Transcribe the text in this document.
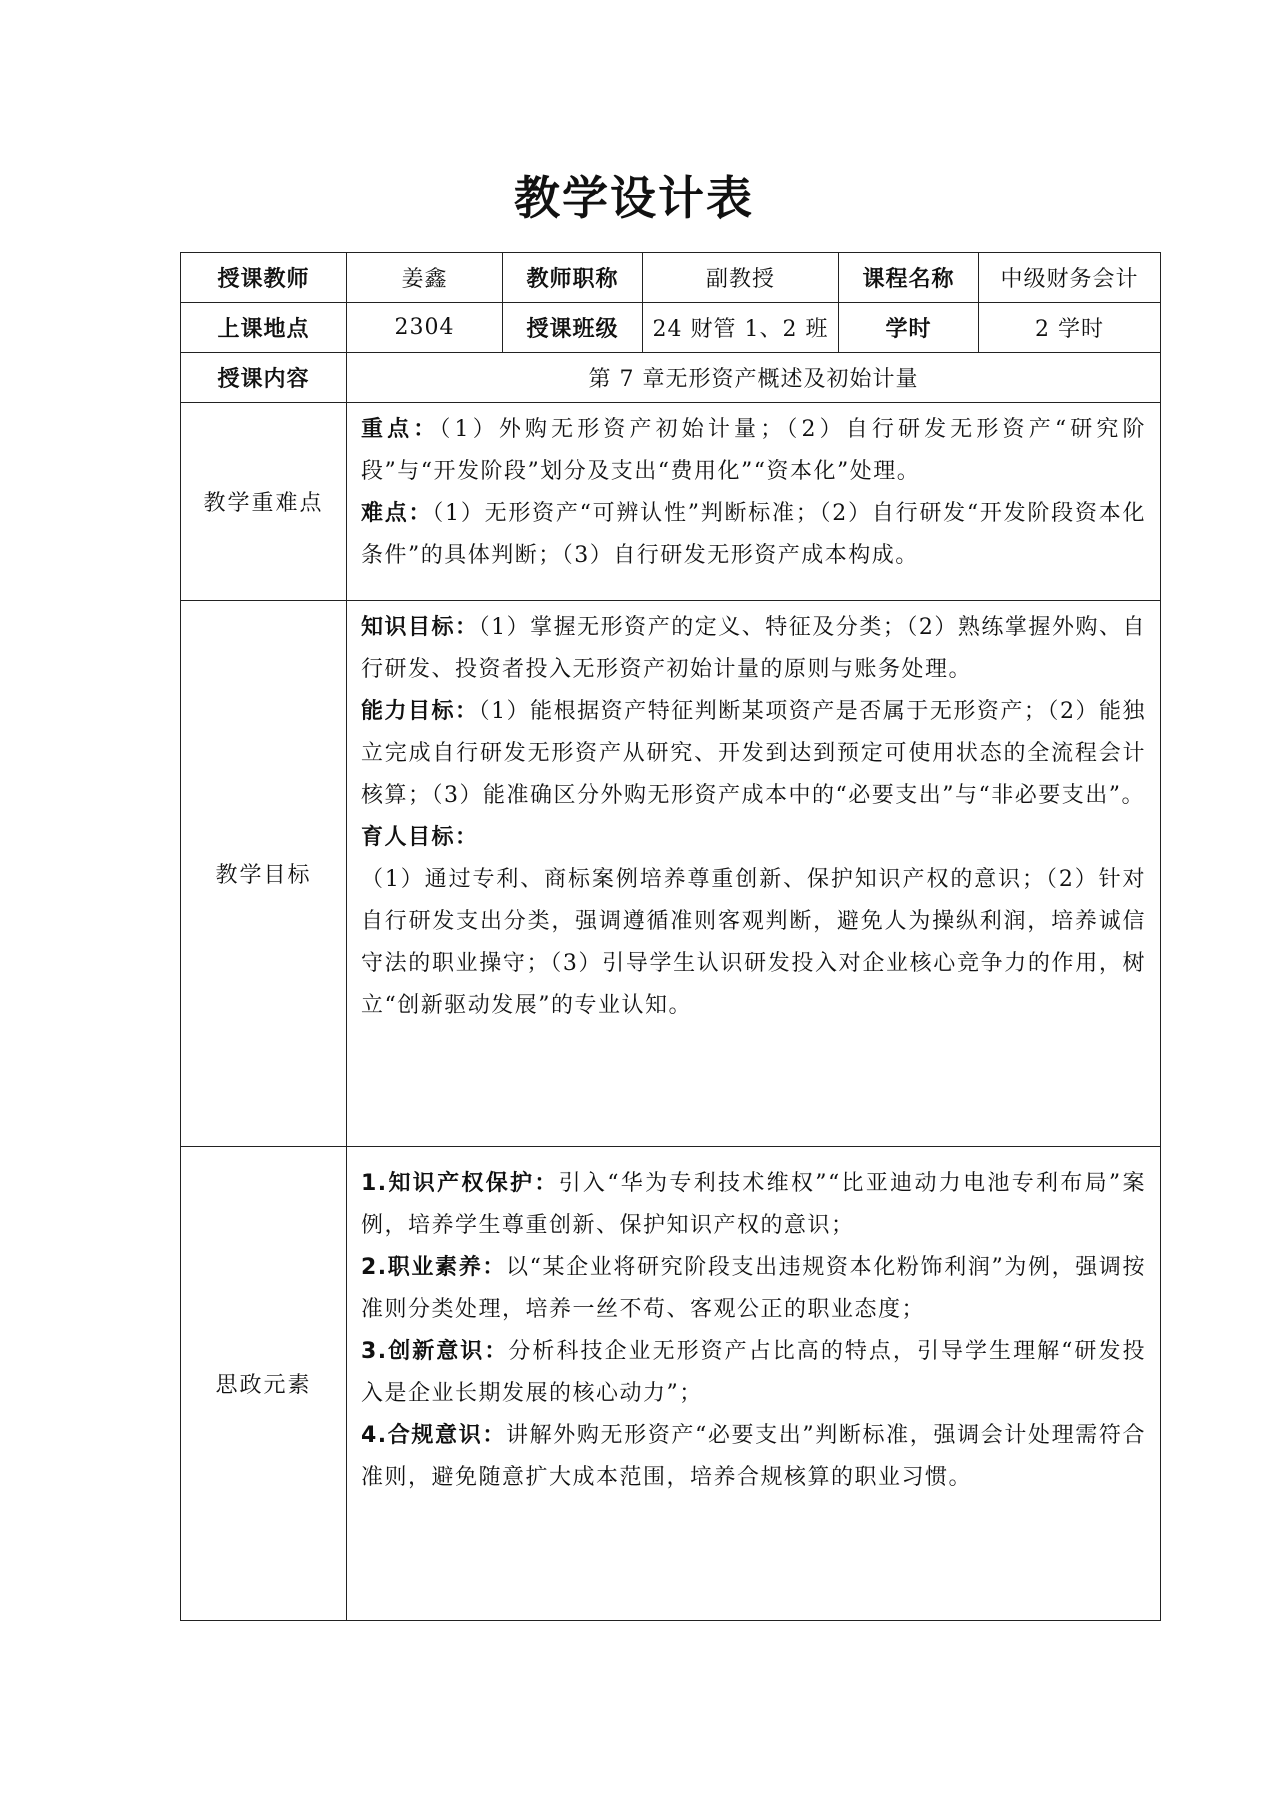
教学设计表
授课教师	姜鑫	教师职称	副教授	课程名称	中级财务会计
上课地点	2304	授课班级	24 财管 1、2 班	学时	2 学时
授课内容	第 7 章无形资产概述及初始计量				
教学重难点	重点：（1）外购无形资产初始计量；（2）自行研发无形资产“研究阶段”与“开发阶段”划分及支出“费用化”“资本化”处理。

难点：（1）无形资产“可辨认性”判断标准；（2）自行研发“开发阶段资本化条件”的具体判断；（3）自行研发无形资产成本构成。				

教学目标	知识目标：（1）掌握无形资产的定义、特征及分类；（2）熟练掌握外购、自行研发、投资者投入无形资产初始计量的原则与账务处理。

能力目标：（1）能根据资产特征判断某项资产是否属于无形资产；（2）能独立完成自行研发无形资产从研究、开发到达到预定可使用状态的全流程会计核算；（3）能准确区分外购无形资产成本中的“必要支出”与“非必要支出”。

育人目标：

（1）通过专利、商标案例培养尊重创新、保护知识产权的意识；（2）针对自行研发支出分类，强调遵循准则客观判断，避免人为操纵利润，培养诚信守法的职业操守；（3）引导学生认识研发投入对企业核心竞争力的作用，树立“创新驱动发展”的专业认知。				

思政元素	1.知识产权保护：引入“华为专利技术维权”“比亚迪动力电池专利布局”案例，培养学生尊重创新、保护知识产权的意识；

2.职业素养：以“某企业将研究阶段支出违规资本化粉饰利润”为例，强调按准则分类处理，培养一丝不苟、客观公正的职业态度；

3.创新意识：分析科技企业无形资产占比高的特点，引导学生理解“研发投入是企业长期发展的核心动力”；

4.合规意识：讲解外购无形资产“必要支出”判断标准，强调会计处理需符合准则，避免随意扩大成本范围，培养合规核算的职业习惯。				
